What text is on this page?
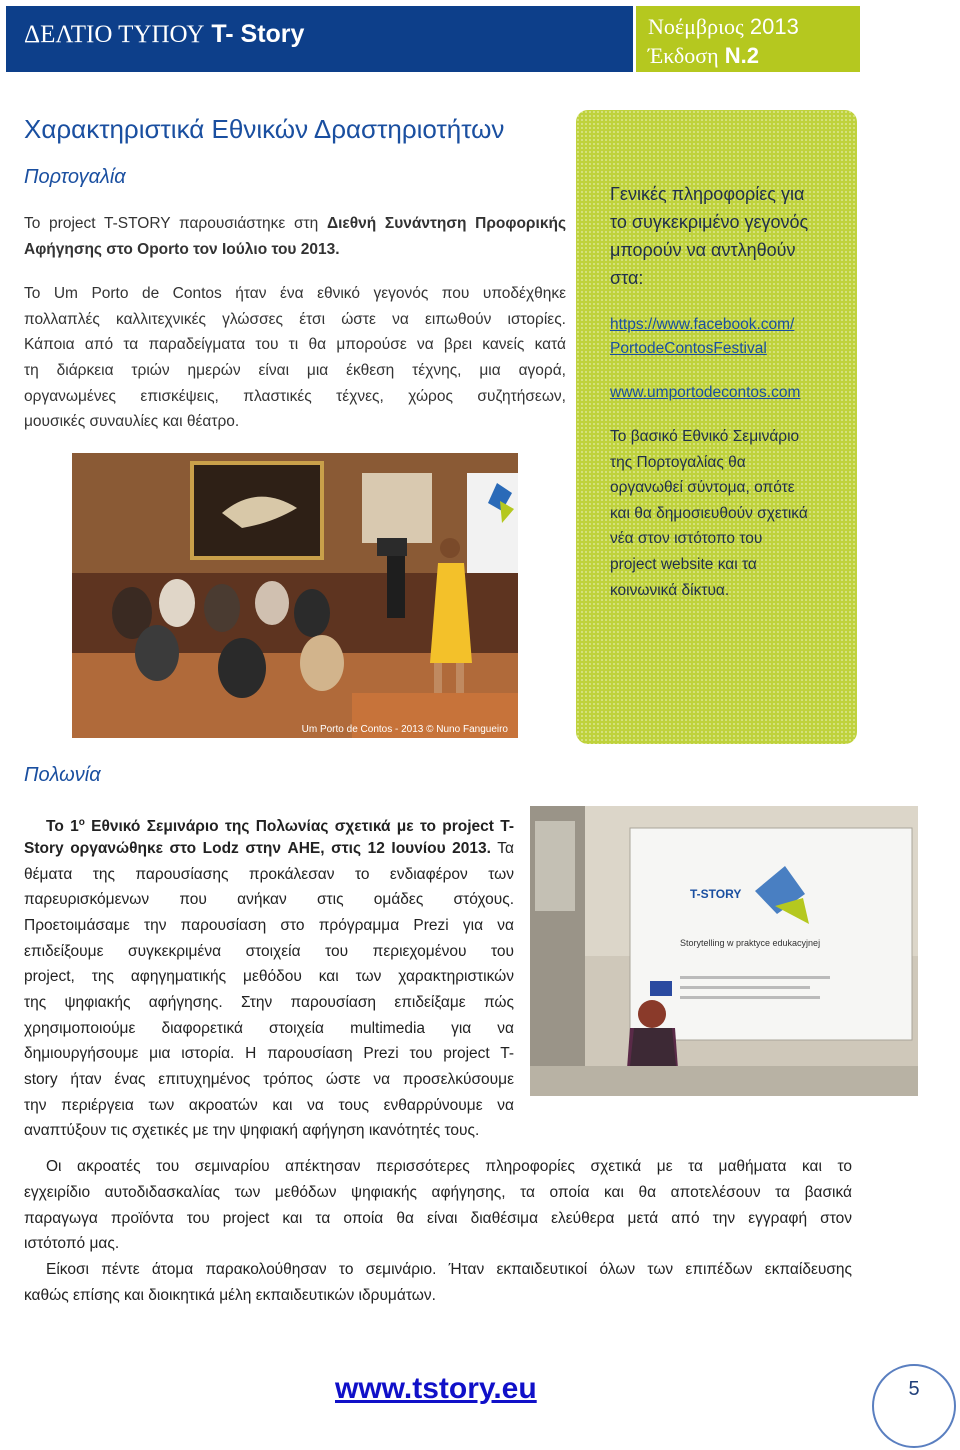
ΔΕΛΤΙΟ ΤΥΠΟΥ T- Story	Νοέμβριος 2013
Έκδοση N.2
Χαρακτηριστικά Εθνικών Δραστηριοτήτων
Πορτογαλία
Το project T-STORY παρουσιάστηκε στη Διεθνή Συνάντηση Προφορικής
Αφήγησης στο Oporto τον Ιούλιο του 2013.
Το Um Porto de Contos ήταν ένα εθνικό γεγονός που υποδέχθηκε
πολλαπλές καλλιτεχνικές γλώσσες έτσι ώστε να ειπωθούν ιστορίες.
Κάποια από τα παραδείγματα του τι θα μπορούσε να βρει κανείς κατά
τη διάρκεια τριών ημερών είναι μια έκθεση τέχνης, μια αγορά,
οργανωμένες επισκέψεις, πλαστικές τέχνες, χώρος συζητήσεων,
μουσικές συναυλίες και θέατρο.
Um Porto de Contos - 2013 © Nuno Fangueiro
Γενικές πληροφορίες για
το συγκεκριμένο γεγονός
μπορούν να αντληθούν
στα:
https://www.facebook.com/
PortodeContosFestival
www.umportodecontos.com
Το βασικό Εθνικό Σεμινάριο
της Πορτογαλίας θα
οργανωθεί σύντομα, οπότε
και θα δημοσιευθούν σχετικά
νέα στον ιστότοπο του
project website και τα
κοινωνικά δίκτυα.
Πολωνία
Το $1^o$ Εθνικό Σεμινάριο της Πολωνίας σχετικά με το project T-
Story οργανώθηκε στο Lodz στην AHE, στις 12 Ιουνίου 2013. Τα
θέματα της παρουσίασης προκάλεσαν το ενδιαφέρον των
παρευρισκόμενων που ανήκαν στις ομάδες στόχους.
Προετοιμάσαμε την παρουσίαση στο πρόγραμμα Prezi για να
επιδείξουμε συγκεκριμένα στοιχεία του περιεχομένου του
project, της αφηγηματικής μεθόδου και των χαρακτηριστικών
της ψηφιακής αφήγησης. Στην παρουσίαση επιδείξαμε πώς
χρησιμοποιούμε διαφορετικά στοιχεία multimedia για να
δημιουργήσουμε μια ιστορία. Η παρουσίαση Prezi του project T-
story ήταν ένας επιτυχημένος τρόπος ώστε να προσελκύσουμε
την περιέργεια των ακροατών και να τους ενθαρρύνουμε να
αναπτύξουν τις σχετικές με την ψηφιακή αφήγηση ικανότητές τους.
T-STORY
Storytelling w praktyce edukacyjnej
Οι ακροατές του σεμιναρίου απέκτησαν περισσότερες πληροφορίες σχετικά με τα μαθήματα και το
εγχειρίδιο αυτοδιδασκαλίας των μεθόδων ψηφιακής αφήγησης, τα οποία και θα αποτελέσουν τα βασικά
παραγωγα προϊόντα του project και τα οποία θα είναι διαθέσιμα ελεύθερα μετά από την εγγραφή στον
ιστότοπό μας.
Είκοσι πέντε άτομα παρακολούθησαν το σεμινάριο. Ήταν εκπαιδευτικοί όλων των επιπέδων εκπαίδευσης
καθώς επίσης και διοικητικά μέλη εκπαιδευτικών ιδρυμάτων.
www.tstory.eu	5
